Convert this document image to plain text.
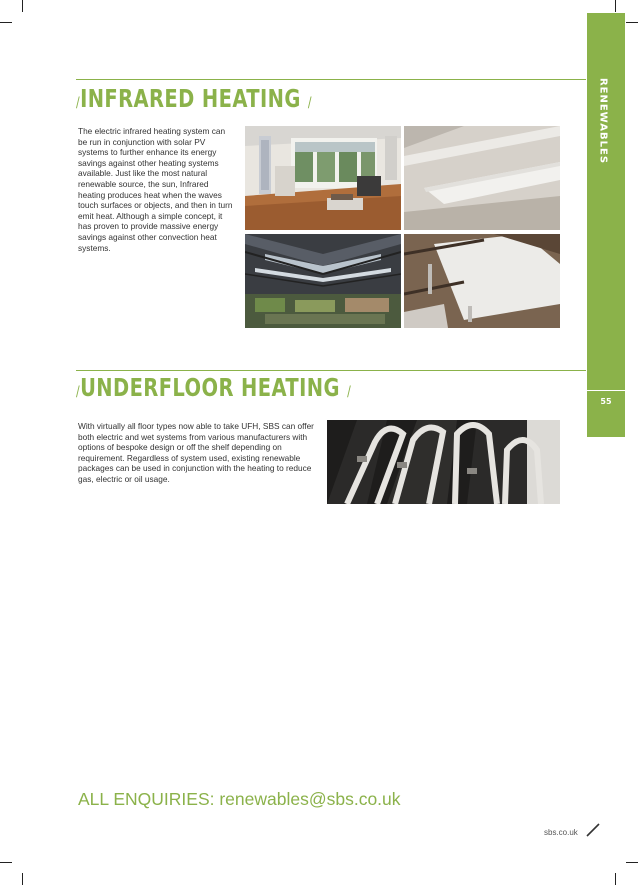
RENEWABLES
55
/INFRARED HEATING /

The electric infrared heating system can be run in conjunction with solar PV systems to further enhance its energy savings against other heating systems available. Just like the most natural renewable source, the sun, Infrared heating produces heat when the waves touch surfaces or objects, and then in turn emit heat. Although a simple concept, it has proven to provide massive energy savings against other convection heat systems.

/UNDERFLOOR HEATING /

With virtually all floor types now able to take UFH, SBS can offer both electric and wet systems from various manufacturers with options of bespoke design or off the shelf depending on requirement. Regardless of system used, existing renewable packages can be used in conjunction with the heating to reduce gas, electric or oil usage.

ALL ENQUIRIES: renewables@sbs.co.uk

sbs.co.uk
